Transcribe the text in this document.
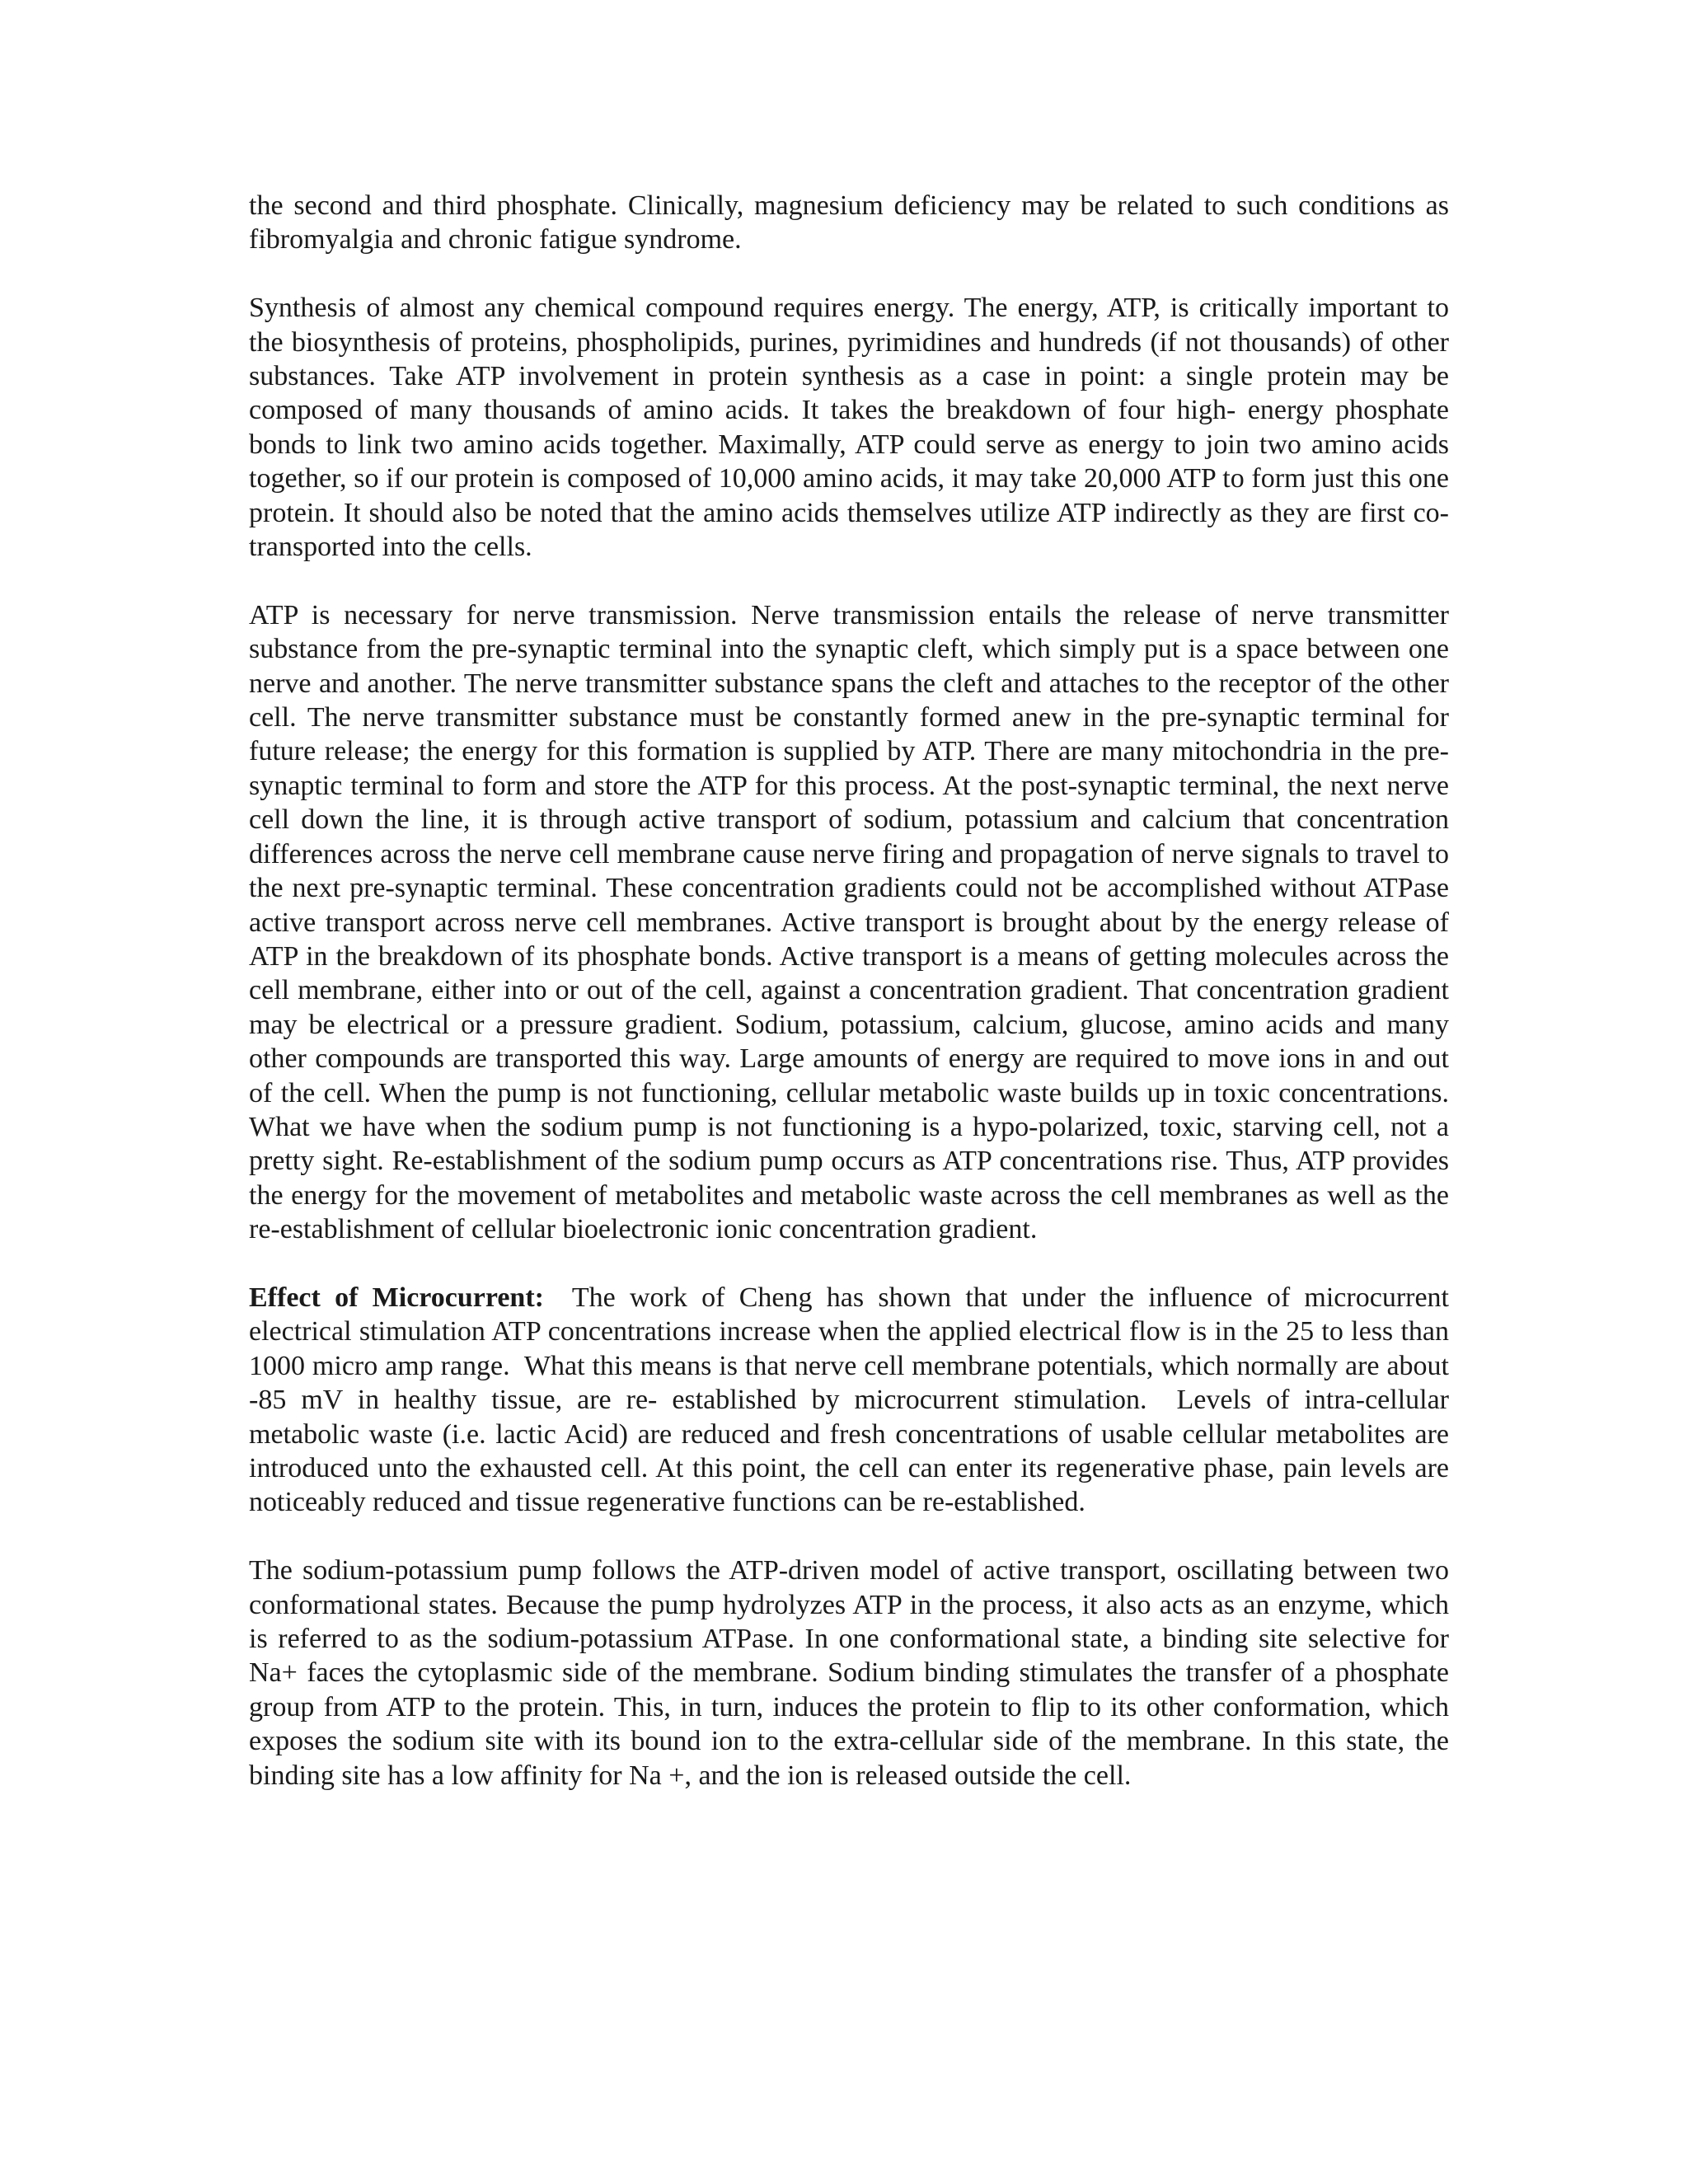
the second and third phosphate. Clinically, magnesium deficiency may be related to such conditions as fibromyalgia and chronic fatigue syndrome.

Synthesis of almost any chemical compound requires energy. The energy, ATP, is critically important to the biosynthesis of proteins, phospholipids, purines, pyrimidines and hundreds (if not thousands) of other substances. Take ATP involvement in protein synthesis as a case in point: a single protein may be composed of many thousands of amino acids. It takes the breakdown of four high- energy phosphate bonds to link two amino acids together. Maximally, ATP could serve as energy to join two amino acids together, so if our protein is composed of 10,000 amino acids, it may take 20,000 ATP to form just this one protein. It should also be noted that the amino acids themselves utilize ATP indirectly as they are first co-transported into the cells.

ATP is necessary for nerve transmission. Nerve transmission entails the release of nerve transmitter substance from the pre-synaptic terminal into the synaptic cleft, which simply put is a space between one nerve and another. The nerve transmitter substance spans the cleft and attaches to the receptor of the other cell. The nerve transmitter substance must be constantly formed anew in the pre-synaptic terminal for future release; the energy for this formation is supplied by ATP. There are many mitochondria in the pre-synaptic terminal to form and store the ATP for this process. At the post-synaptic terminal, the next nerve cell down the line, it is through active transport of sodium, potassium and calcium that concentration differences across the nerve cell membrane cause nerve firing and propagation of nerve signals to travel to the next pre-synaptic terminal. These concentration gradients could not be accomplished without ATPase active transport across nerve cell membranes. Active transport is brought about by the energy release of ATP in the breakdown of its phosphate bonds. Active transport is a means of getting molecules across the cell membrane, either into or out of the cell, against a concentration gradient. That concentration gradient may be electrical or a pressure gradient. Sodium, potassium, calcium, glucose, amino acids and many other compounds are transported this way. Large amounts of energy are required to move ions in and out of the cell. When the pump is not functioning, cellular metabolic waste builds up in toxic concentrations. What we have when the sodium pump is not functioning is a hypo-polarized, toxic, starving cell, not a pretty sight. Re-establishment of the sodium pump occurs as ATP concentrations rise. Thus, ATP provides the energy for the movement of metabolites and metabolic waste across the cell membranes as well as the re-establishment of cellular bioelectronic ionic concentration gradient.

Effect of Microcurrent:  The work of Cheng has shown that under the influence of microcurrent electrical stimulation ATP concentrations increase when the applied electrical flow is in the 25 to less than 1000 micro amp range.  What this means is that nerve cell membrane potentials, which normally are about -85 mV in healthy tissue, are re- established by microcurrent stimulation.  Levels of intra-cellular metabolic waste (i.e. lactic Acid) are reduced and fresh concentrations of usable cellular metabolites are introduced unto the exhausted cell. At this point, the cell can enter its regenerative phase, pain levels are noticeably reduced and tissue regenerative functions can be re-established.

The sodium-potassium pump follows the ATP-driven model of active transport, oscillating between two conformational states. Because the pump hydrolyzes ATP in the process, it also acts as an enzyme, which is referred to as the sodium-potassium ATPase. In one conformational state, a binding site selective for Na+ faces the cytoplasmic side of the membrane. Sodium binding stimulates the transfer of a phosphate group from ATP to the protein. This, in turn, induces the protein to flip to its other conformation, which exposes the sodium site with its bound ion to the extra-cellular side of the membrane. In this state, the binding site has a low affinity for Na +, and the ion is released outside the cell.
